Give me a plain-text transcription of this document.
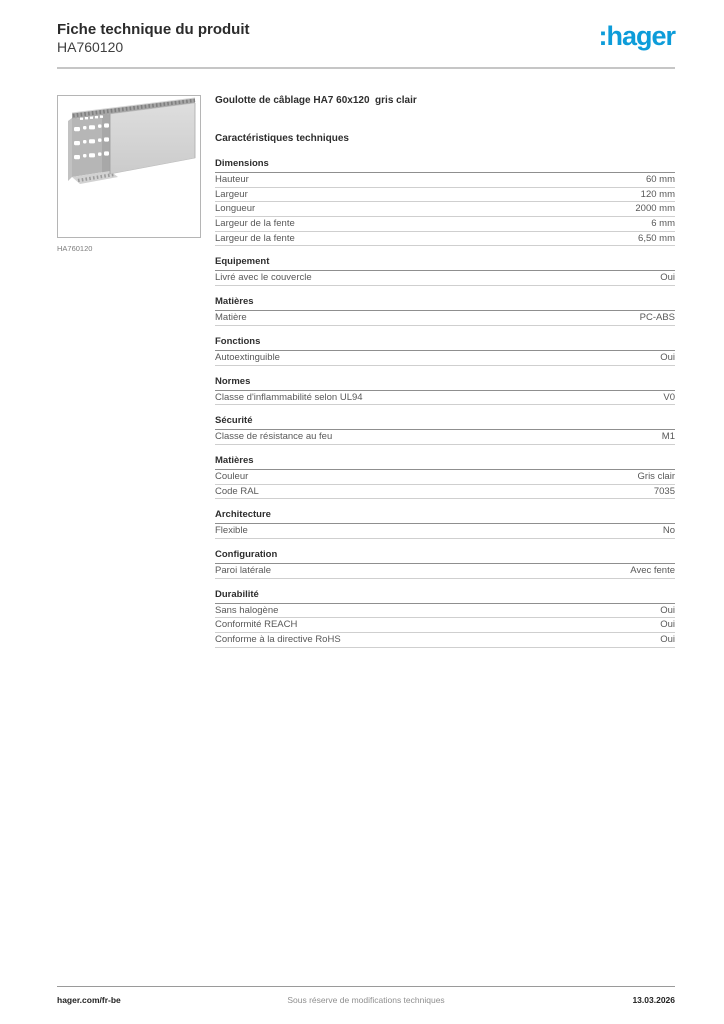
Fiche technique du produit
HA760120	:hager
HA760120
Goulotte de câblage HA7 60x120  gris clair
Caractéristiques techniques
Dimensions
Hauteur	60 mm
Largeur	120 mm
Longueur	2000 mm
Largeur de la fente	6 mm
Largeur de la fente	6,50 mm
Equipement
Livré avec le couvercle	Oui
Matières
Matière	PC-ABS
Fonctions
Autoextinguible	Oui
Normes
Classe d'inflammabilité selon UL94	V0
Sécurité
Classe de résistance au feu	M1
Matières
Couleur	Gris clair
Code RAL	7035
Architecture
Flexible	No
Configuration
Paroi latérale	Avec fente
Durabilité
Sans halogène	Oui
Conformité REACH	Oui
Conforme à la directive RoHS	Oui
hager.com/fr-be	Sous réserve de modifications techniques	13.03.2026
